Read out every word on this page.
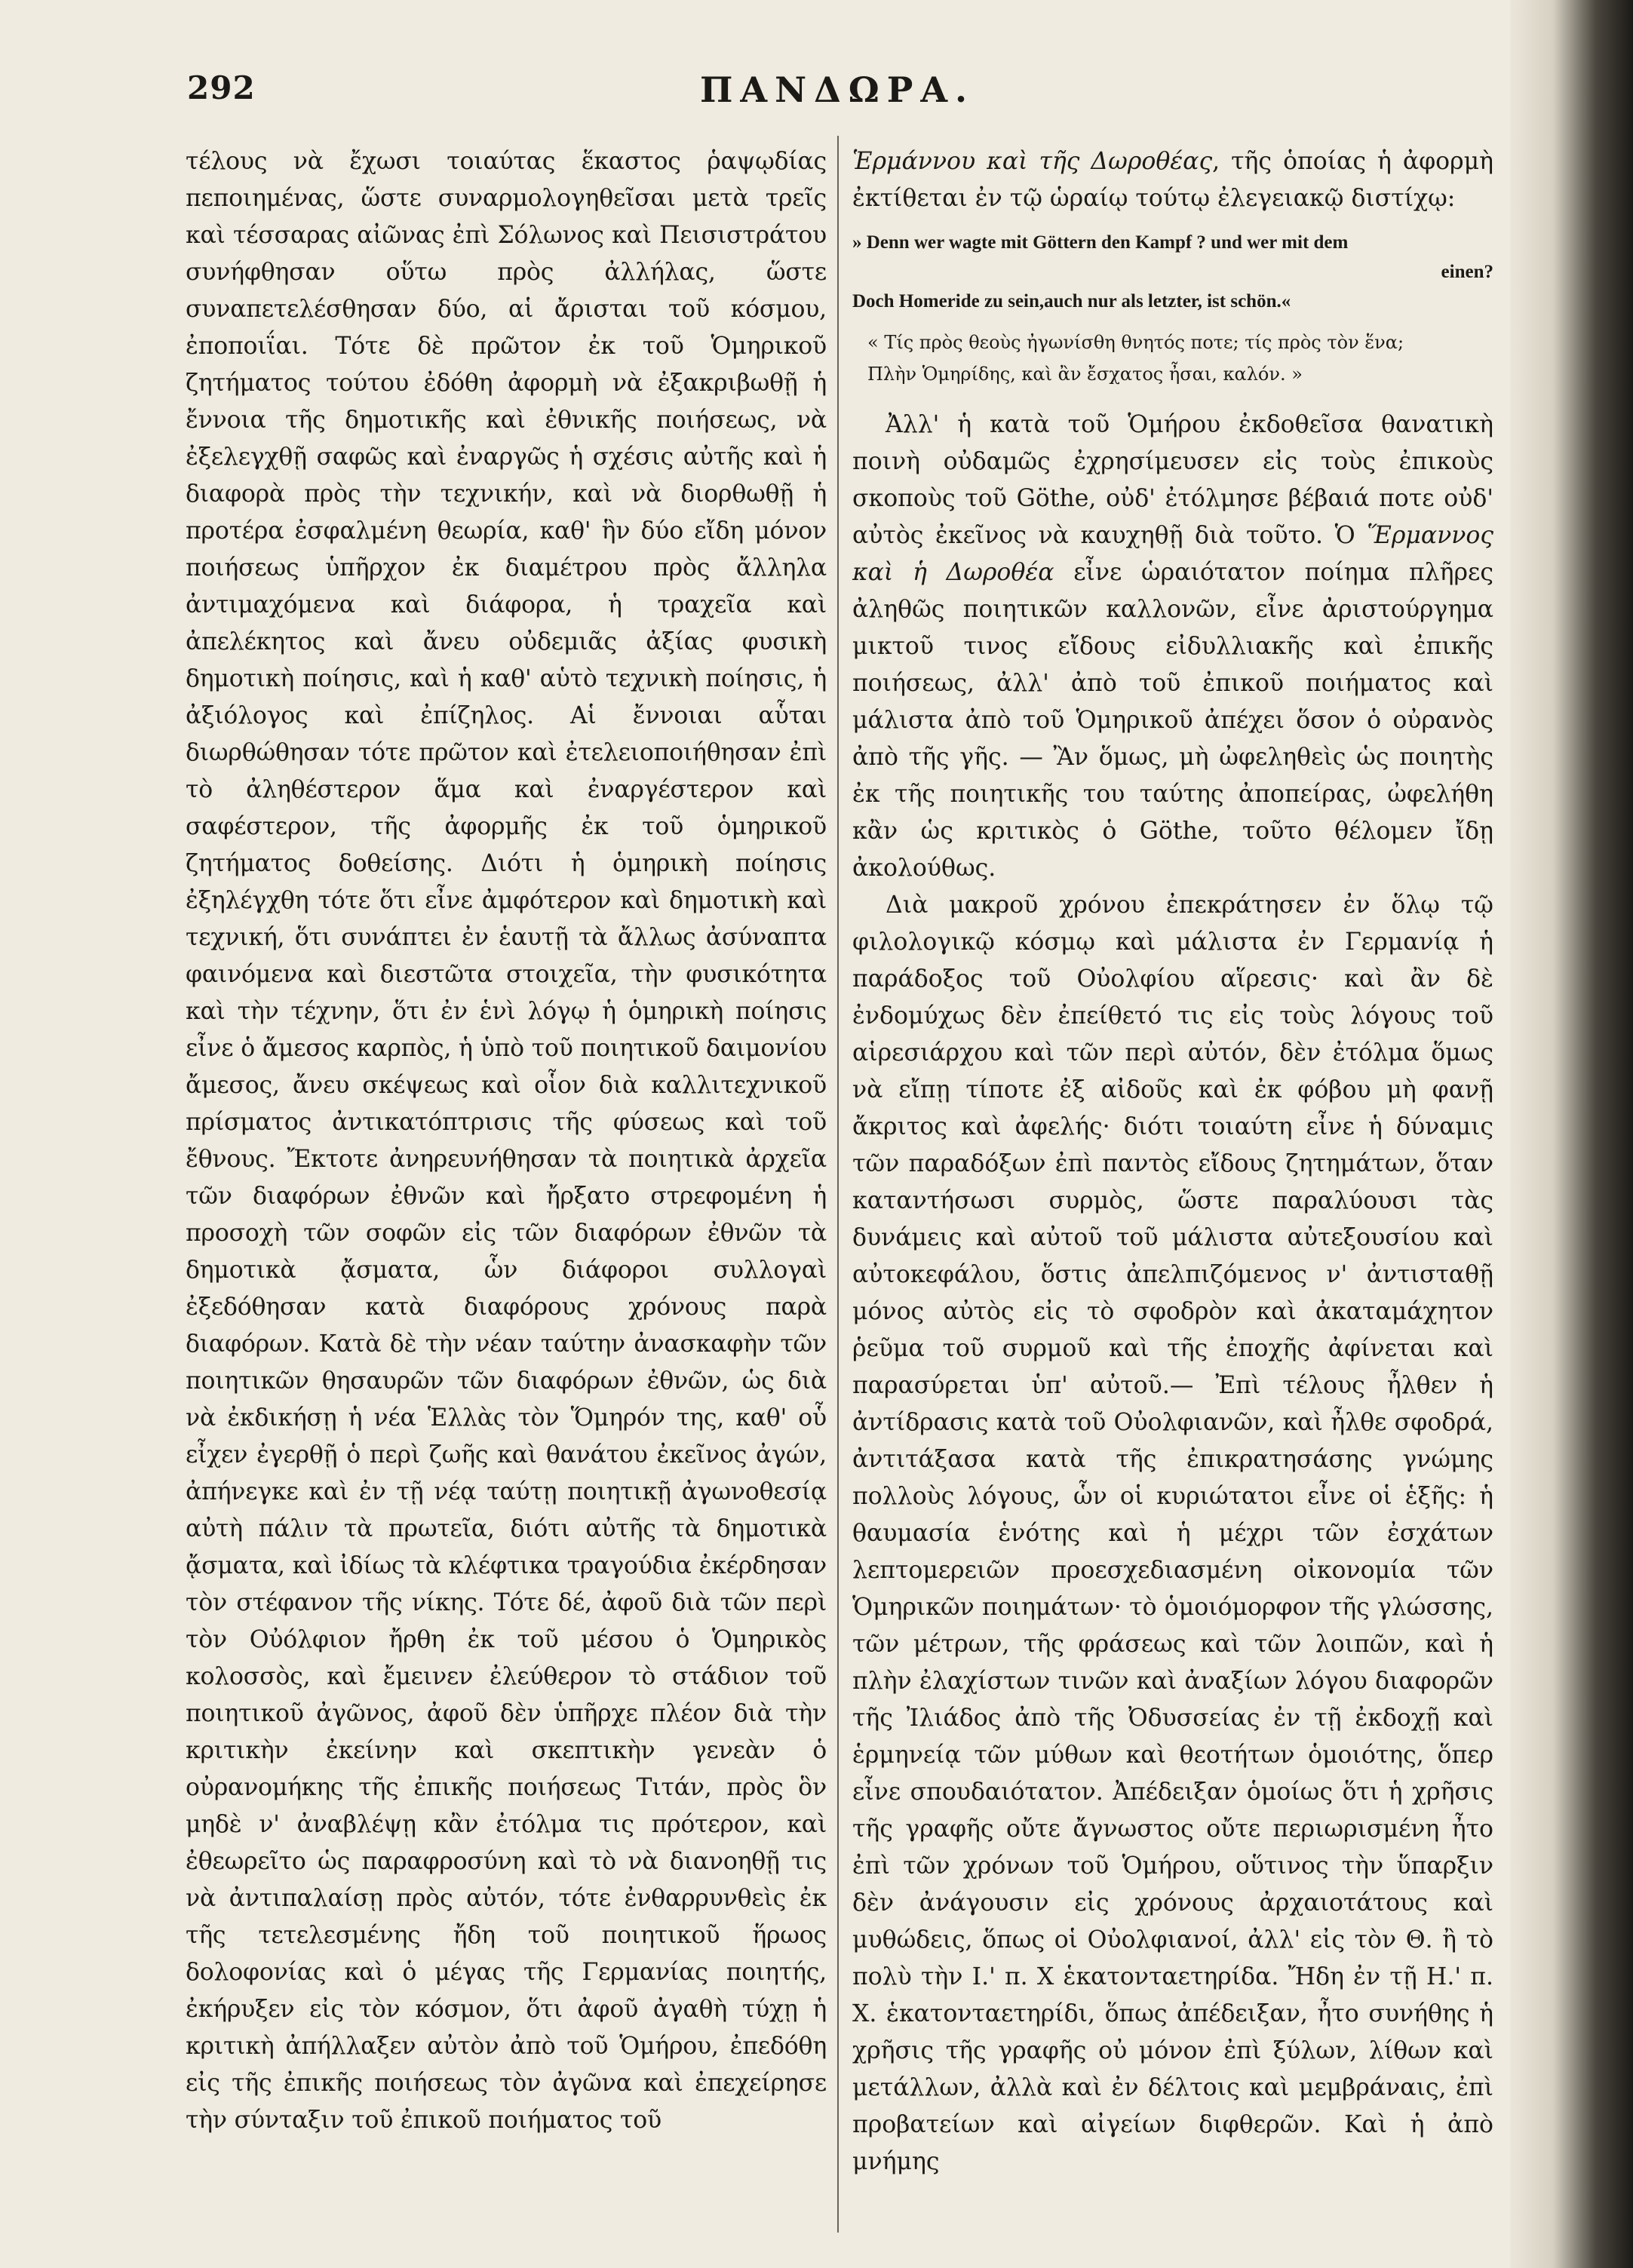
292	ΠΑΝΔΩΡΑ.

τέλους νὰ ἔχωσι τοιαύτας ἕκαστος ῥαψῳδίας πεποιημένας, ὥστε συναρμολογηθεῖσαι μετὰ τρεῖς καὶ τέσσαρας αἰῶνας ἐπὶ Σόλωνος καὶ Πεισιστράτου συνήφθησαν οὕτω πρὸς ἀλλήλας, ὥστε συναπετελέσθησαν δύο, αἱ ἄρισται τοῦ κόσμου, ἐποποιΐαι. Τότε δὲ πρῶτον ἐκ τοῦ Ὁμηρικοῦ ζητήματος τούτου ἐδόθη ἀφορμὴ νὰ ἐξακριβωθῇ ἡ ἔννοια τῆς δημοτικῆς καὶ ἐθνικῆς ποιήσεως, νὰ ἐξελεγχθῇ σαφῶς καὶ ἐναργῶς ἡ σχέσις αὐτῆς καὶ ἡ διαφορὰ πρὸς τὴν τεχνικήν, καὶ νὰ διορθωθῇ ἡ προτέρα ἐσφαλμένη θεωρία, καθ' ἣν δύο εἴδη μόνον ποιήσεως ὑπῆρχον ἐκ διαμέτρου πρὸς ἄλληλα ἀντιμαχόμενα καὶ διάφορα, ἡ τραχεῖα καὶ ἀπελέκητος καὶ ἄνευ οὐδεμιᾶς ἀξίας φυσικὴ δημοτικὴ ποίησις, καὶ ἡ καθ' αὑτὸ τεχνικὴ ποίησις, ἡ ἀξιόλογος καὶ ἐπίζηλος. Αἱ ἔννοιαι αὗται διωρθώθησαν τότε πρῶτον καὶ ἐτελειοποιήθησαν ἐπὶ τὸ ἀληθέστερον ἅμα καὶ ἐναργέστερον καὶ σαφέστερον, τῆς ἀφορμῆς ἐκ τοῦ ὁμηρικοῦ ζητήματος δοθείσης. Διότι ἡ ὁμηρικὴ ποίησις ἐξηλέγχθη τότε ὅτι εἶνε ἀμφότερον καὶ δημοτικὴ καὶ τεχνική, ὅτι συνάπτει ἐν ἑαυτῇ τὰ ἄλλως ἀσύναπτα φαινόμενα καὶ διεστῶτα στοιχεῖα, τὴν φυσικότητα καὶ τὴν τέχνην, ὅτι ἐν ἑνὶ λόγῳ ἡ ὁμηρικὴ ποίησις εἶνε ὁ ἄμεσος καρπὸς, ἡ ὑπὸ τοῦ ποιητικοῦ δαιμονίου ἄμεσος, ἄνευ σκέψεως καὶ οἷον διὰ καλλιτεχνικοῦ πρίσματος ἀντικατόπτρισις τῆς φύσεως καὶ τοῦ ἔθνους. Ἔκτοτε ἀνηρευνήθησαν τὰ ποιητικὰ ἀρχεῖα τῶν διαφόρων ἐθνῶν καὶ ἤρξατο στρεφομένη ἡ προσοχὴ τῶν σοφῶν εἰς τῶν διαφόρων ἐθνῶν τὰ δημοτικὰ ᾄσματα, ὧν διάφοροι συλλογαὶ ἐξεδόθησαν κατὰ διαφόρους χρόνους παρὰ διαφόρων. Κατὰ δὲ τὴν νέαν ταύτην ἀνασκαφὴν τῶν ποιητικῶν θησαυρῶν τῶν διαφόρων ἐθνῶν, ὡς διὰ νὰ ἐκδικήσῃ ἡ νέα Ἑλλὰς τὸν Ὅμηρόν της, καθ' οὗ εἶχεν ἐγερθῇ ὁ περὶ ζωῆς καὶ θανάτου ἐκεῖνος ἀγών, ἀπήνεγκε καὶ ἐν τῇ νέᾳ ταύτῃ ποιητικῇ ἀγωνοθεσίᾳ αὐτὴ πάλιν τὰ πρωτεῖα, διότι αὐτῆς τὰ δημοτικὰ ᾄσματα, καὶ ἰδίως τὰ κλέφτικα τραγούδια ἐκέρδησαν τὸν στέφανον τῆς νίκης. Τότε δέ, ἀφοῦ διὰ τῶν περὶ τὸν Οὐόλφιον ἤρθη ἐκ τοῦ μέσου ὁ Ὁμηρικὸς κολοσσὸς, καὶ ἔμεινεν ἐλεύθερον τὸ στάδιον τοῦ ποιητικοῦ ἀγῶνος, ἀφοῦ δὲν ὑπῆρχε πλέον διὰ τὴν κριτικὴν ἐκείνην καὶ σκεπτικὴν γενεὰν ὁ οὐρανομήκης τῆς ἐπικῆς ποιήσεως Τιτάν, πρὸς ὃν μηδὲ ν' ἀναβλέψῃ κἂν ἐτόλμα τις πρότερον, καὶ ἐθεωρεῖτο ὡς παραφροσύνη καὶ τὸ νὰ διανοηθῇ τις νὰ ἀντιπαλαίσῃ πρὸς αὐτόν, τότε ἐνθαρρυνθεὶς ἐκ τῆς τετελεσμένης ἤδη τοῦ ποιητικοῦ ἥρωος δολοφονίας καὶ ὁ μέγας τῆς Γερμανίας ποιητής, ἐκήρυξεν εἰς τὸν κόσμον, ὅτι ἀφοῦ ἀγαθὴ τύχῃ ἡ κριτικὴ ἀπήλλαξεν αὐτὸν ἀπὸ τοῦ Ὁμήρου, ἐπεδόθη εἰς τῆς ἐπικῆς ποιήσεως τὸν ἀγῶνα καὶ ἐπεχείρησε τὴν σύνταξιν τοῦ ἐπικοῦ ποιήματος τοῦ

Ἑρμάννου καὶ τῆς Δωροθέας, τῆς ὁποίας ἡ ἀφορμὴ ἐκτίθεται ἐν τῷ ὡραίῳ τούτῳ ἐλεγειακῷ διστίχῳ:

» Denn wer wagte mit Göttern den Kampf ? und wer mit dem
einen?
Doch Homeride zu sein,auch nur als letzter, ist schön.«
« Τίς πρὸς θεοὺς ἠγωνίσθη θνητός ποτε; τίς πρὸς τὸν ἕνα;
Πλὴν Ὁμηρίδης, καὶ ἂν ἔσχατος ἦσαι, καλόν. »

Ἀλλ' ἡ κατὰ τοῦ Ὁμήρου ἐκδοθεῖσα θανατικὴ ποινὴ οὐδαμῶς ἐχρησίμευσεν εἰς τοὺς ἐπικοὺς σκοποὺς τοῦ Göthe, οὐδ' ἐτόλμησε βέβαιά ποτε οὐδ' αὐτὸς ἐκεῖνος νὰ καυχηθῇ διὰ τοῦτο. Ὁ Ἕρμαννος καὶ ἡ Δωροθέα εἶνε ὡραιότατον ποίημα πλῆρες ἀληθῶς ποιητικῶν καλλονῶν, εἶνε ἀριστούργημα μικτοῦ τινος εἴδους εἰδυλλιακῆς καὶ ἐπικῆς ποιήσεως, ἀλλ' ἀπὸ τοῦ ἐπικοῦ ποιήματος καὶ μάλιστα ἀπὸ τοῦ Ὁμηρικοῦ ἀπέχει ὅσον ὁ οὐρανὸς ἀπὸ τῆς γῆς. — Ἂν ὅμως, μὴ ὠφεληθεὶς ὡς ποιητὴς ἐκ τῆς ποιητικῆς του ταύτης ἀποπείρας, ὠφελήθη κἂν ὡς κριτικὸς ὁ Göthe, τοῦτο θέλομεν ἴδῃ ἀκολούθως.

Διὰ μακροῦ χρόνου ἐπεκράτησεν ἐν ὅλῳ τῷ φιλολογικῷ κόσμῳ καὶ μάλιστα ἐν Γερμανίᾳ ἡ παράδοξος τοῦ Οὐολφίου αἵρεσις· καὶ ἂν δὲ ἐνδομύχως δὲν ἐπείθετό τις εἰς τοὺς λόγους τοῦ αἱρεσιάρχου καὶ τῶν περὶ αὐτόν, δὲν ἐτόλμα ὅμως νὰ εἴπῃ τίποτε ἐξ αἰδοῦς καὶ ἐκ φόβου μὴ φανῇ ἄκριτος καὶ ἀφελής· διότι τοιαύτη εἶνε ἡ δύναμις τῶν παραδόξων ἐπὶ παντὸς εἴδους ζητημάτων, ὅταν καταντήσωσι συρμὸς, ὥστε παραλύουσι τὰς δυνάμεις καὶ αὐτοῦ τοῦ μάλιστα αὐτεξουσίου καὶ αὐτοκεφάλου, ὅστις ἀπελπιζόμενος ν' ἀντισταθῇ μόνος αὐτὸς εἰς τὸ σφοδρὸν καὶ ἀκαταμάχητον ῥεῦμα τοῦ συρμοῦ καὶ τῆς ἐποχῆς ἀφίνεται καὶ παρασύρεται ὑπ' αὐτοῦ.— Ἐπὶ τέλους ἦλθεν ἡ ἀντίδρασις κατὰ τοῦ Οὐολφιανῶν, καὶ ἦλθε σφοδρά, ἀντιτάξασα κατὰ τῆς ἐπικρατησάσης γνώμης πολλοὺς λόγους, ὧν οἱ κυριώτατοι εἶνε οἱ ἑξῆς: ἡ θαυμασία ἑνότης καὶ ἡ μέχρι τῶν ἐσχάτων λεπτομερειῶν προεσχεδιασμένη οἰκονομία τῶν Ὁμηρικῶν ποιημάτων· τὸ ὁμοιόμορφον τῆς γλώσσης, τῶν μέτρων, τῆς φράσεως καὶ τῶν λοιπῶν, καὶ ἡ πλὴν ἐλαχίστων τινῶν καὶ ἀναξίων λόγου διαφορῶν τῆς Ἰλιάδος ἀπὸ τῆς Ὀδυσσείας ἐν τῇ ἐκδοχῇ καὶ ἑρμηνείᾳ τῶν μύθων καὶ θεοτήτων ὁμοιότης, ὅπερ εἶνε σπουδαιότατον. Ἀπέδειξαν ὁμοίως ὅτι ἡ χρῆσις τῆς γραφῆς οὔτε ἄγνωστος οὔτε περιωρισμένη ἦτο ἐπὶ τῶν χρόνων τοῦ Ὁμήρου, οὕτινος τὴν ὕπαρξιν δὲν ἀνάγουσιν εἰς χρόνους ἀρχαιοτάτους καὶ μυθώδεις, ὅπως οἱ Οὐολφιανοί, ἀλλ' εἰς τὸν Θ. ἢ τὸ πολὺ τὴν Ι.' π. Χ ἑκατονταετηρίδα. Ἤδη ἐν τῇ Η.' π. Χ. ἑκατονταετηρίδι, ὅπως ἀπέδειξαν, ἦτο συνήθης ἡ χρῆσις τῆς γραφῆς οὐ μόνον ἐπὶ ξύλων, λίθων καὶ μετάλλων, ἀλλὰ καὶ ἐν δέλτοις καὶ μεμβράναις, ἐπὶ προβατείων καὶ αἰγείων διφθερῶν. Καὶ ἡ ἀπὸ μνήμης
